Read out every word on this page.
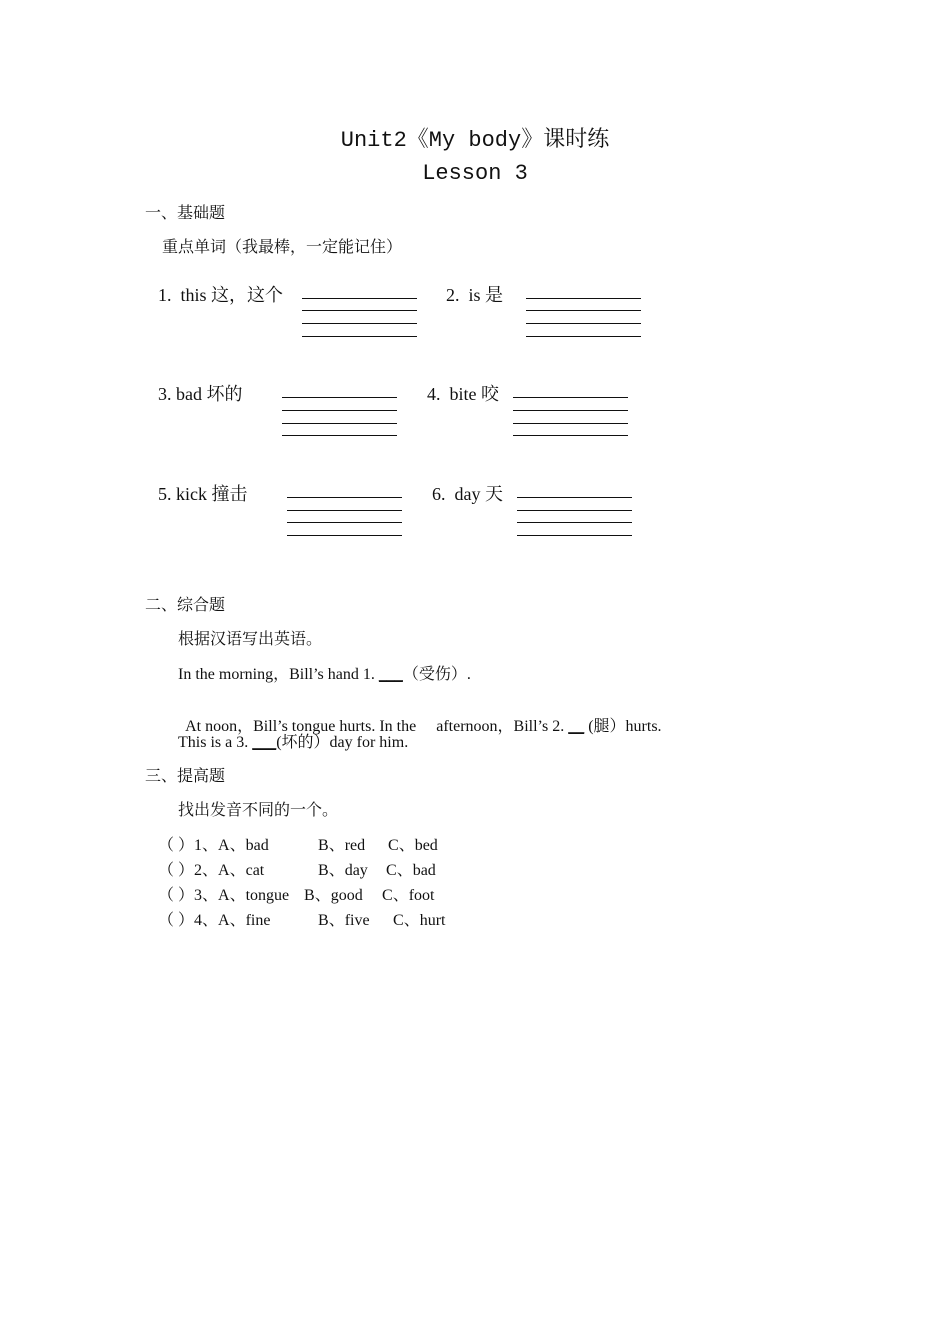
Unit2《My body》课时练
Lesson 3
一、基础题
重点单词（我最棒，一定能记住）
1. this 这，这个	2. is 是
3. bad 坏的	4. bite 咬
5. kick 撞击	6. day 天
二、综合题
根据汉语写出英语。
In the morning，Bill’s hand 1. ___（受伤）.

At noon，Bill’s tongue hurts. In the     afternoon，Bill’s 2. __ (腿）hurts.

This is a 3. ___(坏的）day for him.
三、提高题
找出发音不同的一个。
（ ）1、A、bad	B、red C、bed
（ ）2、A、cat	B、day C、bad
（ ）3、A、tongue B、good C、foot
（ ）4、A、fine	B、five C、hurt
